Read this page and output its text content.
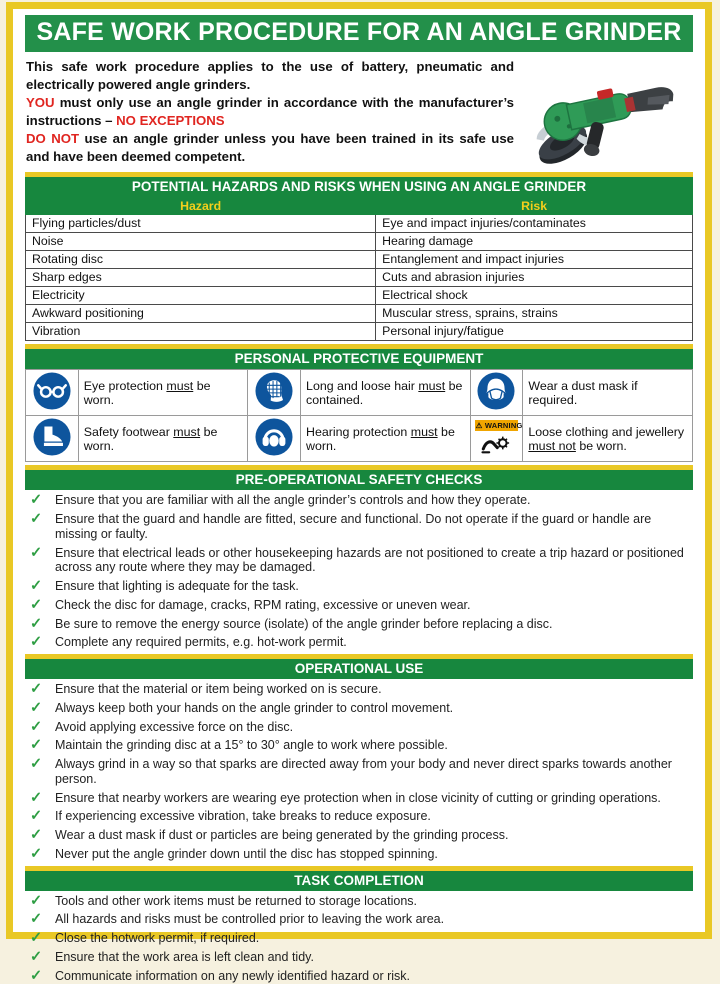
SAFE WORK PROCEDURE FOR AN ANGLE GRINDER

This safe work procedure applies to the use of battery, pneumatic and electrically powered angle grinders.

YOU must only use an angle grinder in accordance with the manufacturer’s instructions – NO EXCEPTIONS

DO NOT use an angle grinder unless you have been trained in its safe use and have been deemed competent.

POTENTIAL HAZARDS AND RISKS WHEN USING AN ANGLE GRINDER
Hazard	Risk
Flying particles/dust	Eye and impact injuries/contaminates
Noise	Hearing damage
Rotating disc	Entanglement and impact injuries
Sharp edges	Cuts and abrasion injuries
Electricity	Electrical shock
Awkward positioning	Muscular stress, sprains, strains
Vibration	Personal injury/fatigue
PERSONAL PROTECTIVE EQUIPMENT
	Eye protection must be worn.		Long and loose hair must be contained.		Wear a dust mask if required.
	Safety footwear must be worn.		Hearing protection must be worn.	⚠ WARNING	Loose clothing and jewellery must not be worn.
PRE-OPERATIONAL SAFETY CHECKS
✓	Ensure that you are familiar with all the angle grinder’s controls and how they operate.
✓	Ensure that the guard and handle are fitted, secure and functional. Do not operate if the guard or handle are missing or faulty.
✓	Ensure that electrical leads or other housekeeping hazards are not positioned to create a trip hazard or positioned across any route where they may be damaged.
✓	Ensure that lighting is adequate for the task.
✓	Check the disc for damage, cracks, RPM rating, excessive or uneven wear.
✓	Be sure to remove the energy source (isolate) of the angle grinder before replacing a disc.
✓	Complete any required permits, e.g. hot-work permit.
OPERATIONAL USE
✓	Ensure that the material or item being worked on is secure.
✓	Always keep both your hands on the angle grinder to control movement.
✓	Avoid applying excessive force on the disc.
✓	Maintain the grinding disc at a 15° to 30° angle to work where possible.
✓	Always grind in a way so that sparks are directed away from your body and never direct sparks towards another person.
✓	Ensure that nearby workers are wearing eye protection when in close vicinity of cutting or grinding operations.
✓	If experiencing excessive vibration, take breaks to reduce exposure.
✓	Wear a dust mask if dust or particles are being generated by the grinding process.
✓	Never put the angle grinder down until the disc has stopped spinning.
TASK COMPLETION
✓	Tools and other work items must be returned to storage locations.
✓	All hazards and risks must be controlled prior to leaving the work area.
✓	Close the hotwork permit, if required.
✓	Ensure that the work area is left clean and tidy.
✓	Communicate information on any newly identified hazard or risk.
